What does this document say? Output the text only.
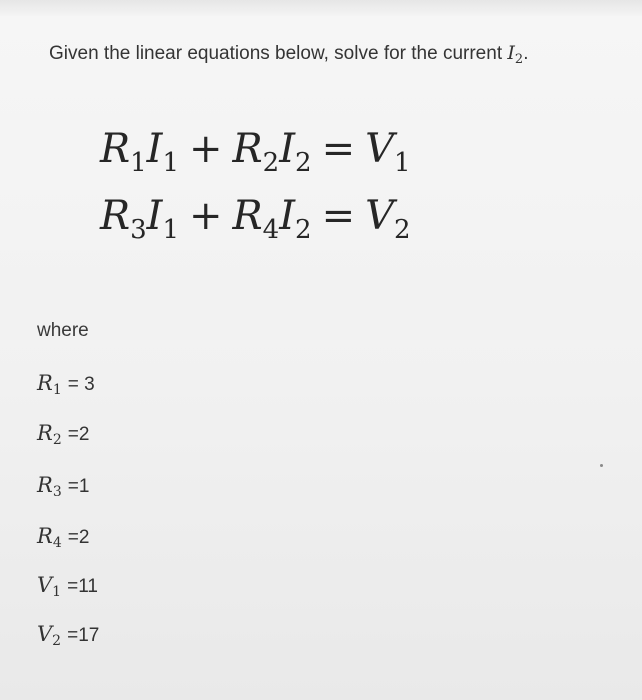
Given the linear equations below, solve for the current $I_2$.
$R_1I_1 + R_2I_2 = V_1$
$R_3I_1 + R_4I_2 = V_2$
where
$R_1 = 3$
$R_2 =2$
$R_3 =1$
$R_4 =2$
$V_1 =11$
$V_2 =17$
